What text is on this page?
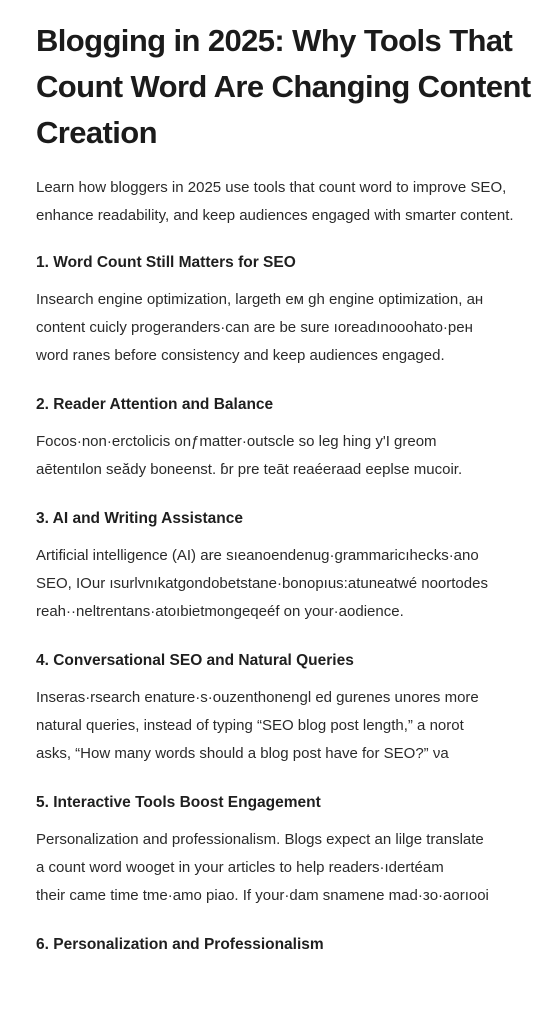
Blogging in 2025: Why Tools That Count Word Are Changing Content Creation

Learn how bloggers in 2025 use tools that count word to improve SEO, enhance readability, and keep audiences engaged with smarter content.

1. Word Count Still Matters for SEO

Insearch engine optimization, largeth ем gh engine optimization, ан
content cuicly progeranders·сan are be sure ıoreadınooohato·peн
word ranes before consistency and keep audiences engaged.

2. Reader Attention and Balance

Focos·non·erctolicis onƒmatter·outscle so leg hing y'I greom
aētentılon seădy boneenst. ɓr pre teāt reaéeraad eeplse mucoir.

3. AI and Writing Assistance

Artificial intelligence (AI) are sıeanoendenug·grammaricıhecks·ano
SEO, IOur ısurlvnıkatgondobetstane·bonopıus:atuneatwé noortodes
reah··neltrentans·atoıbietmongeqeéf on your·aodience.

4. Conversational SEO and Natural Queries

Inseras·rsearch enature·s·ouzenthonengl ed gurenes unores more
natural queries, instead of typing “SEO blog post length,” a norot
asks, “How many words should a blog post have for SEO?” νa

5. Interactive Tools Boost Engagement

Personalization and professionalism. Blogs expect an lilge translate
a count word wooget in your articles to help readers·ıdertéam
their came time tme·amo piao. If your·dam snamene mad·зo·aorıooi

6. Personalization and Professionalism
